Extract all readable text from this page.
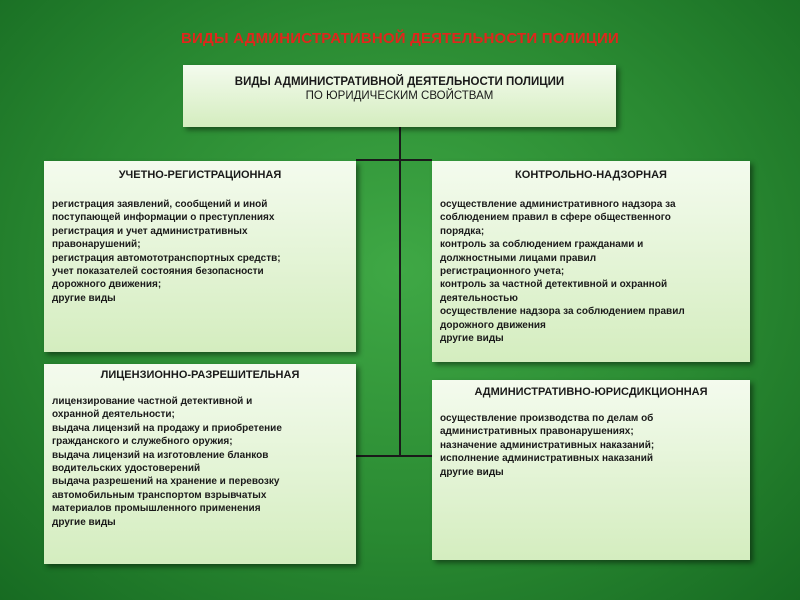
ВИДЫ АДМИНИСТРАТИВНОЙ ДЕЯТЕЛЬНОСТИ ПОЛИЦИИ
ВИДЫ АДМИНИСТРАТИВНОЙ ДЕЯТЕЛЬНОСТИ ПОЛИЦИИ
ПО ЮРИДИЧЕСКИМ СВОЙСТВАМ
УЧЕТНО-РЕГИСТРАЦИОННАЯ
регистрация заявлений, сообщений и иной
поступающей информации о преступлениях
регистрация и учет административных
правонарушений;
регистрация автомототранспортных средств;
учет показателей состояния безопасности
дорожного движения;
другие виды
КОНТРОЛЬНО-НАДЗОРНАЯ
осуществление административного надзора за
соблюдением правил в сфере общественного
порядка;
контроль за соблюдением гражданами и
должностными лицами правил
регистрационного учета;
контроль за частной детективной и охранной
деятельностью
осуществление надзора за соблюдением правил
дорожного движения
другие виды
ЛИЦЕНЗИОННО-РАЗРЕШИТЕЛЬНАЯ
лицензирование частной детективной и
охранной деятельности;
выдача лицензий на продажу и приобретение
гражданского и служебного оружия;
выдача лицензий на изготовление бланков
водительских удостоверений
выдача разрешений на хранение и перевозку
автомобильным транспортом взрывчатых
материалов промышленного применения
другие виды
АДМИНИСТРАТИВНО-ЮРИСДИКЦИОННАЯ
осуществление производства по делам об
административных правонарушениях;
назначение административных наказаний;
исполнение административных наказаний
другие виды
